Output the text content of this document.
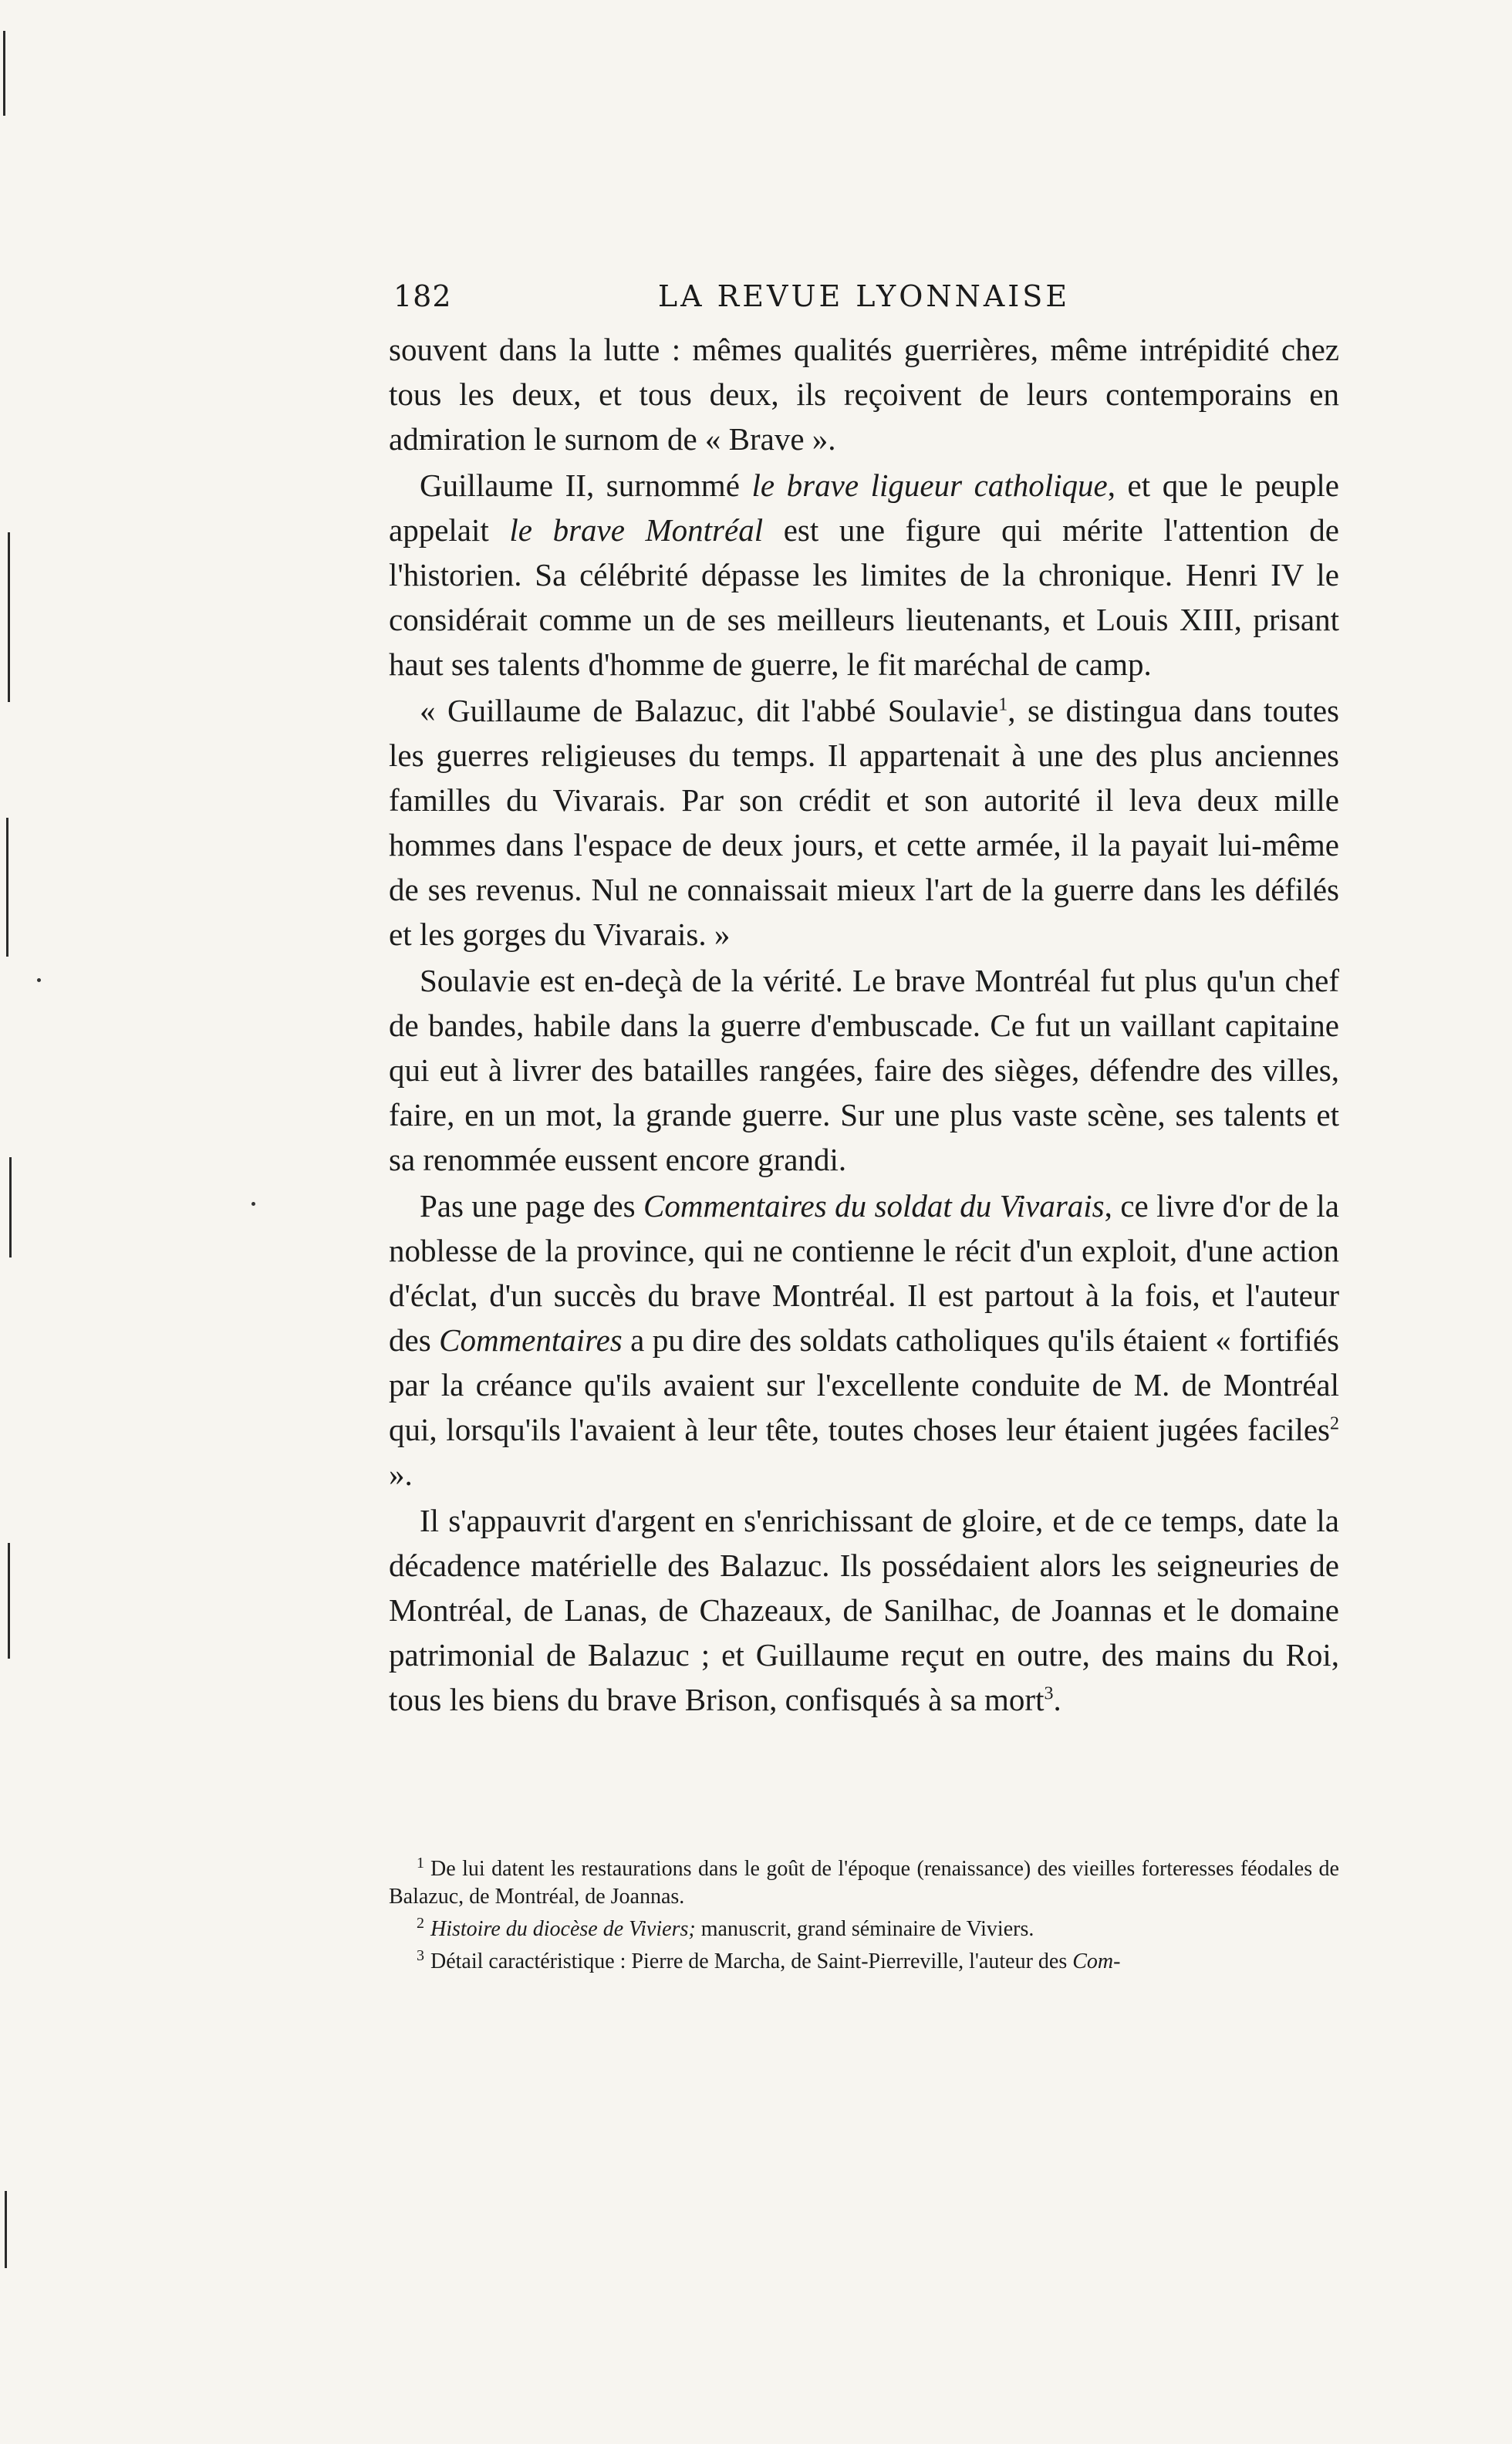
182	LA REVUE LYONNAISE

souvent dans la lutte : mêmes qualités guerrières, même intrépidité chez tous les deux, et tous deux, ils reçoivent de leurs contemporains en admiration le surnom de « Brave ».

Guillaume II, surnommé le brave ligueur catholique, et que le peuple appelait le brave Montréal est une figure qui mérite l'attention de l'historien. Sa célébrité dépasse les limites de la chronique. Henri IV le considérait comme un de ses meilleurs lieutenants, et Louis XIII, prisant haut ses talents d'homme de guerre, le fit maréchal de camp.

« Guillaume de Balazuc, dit l'abbé Soulavie$^1$, se distingua dans toutes les guerres religieuses du temps. Il appartenait à une des plus anciennes familles du Vivarais. Par son crédit et son autorité il leva deux mille hommes dans l'espace de deux jours, et cette armée, il la payait lui-même de ses revenus. Nul ne connaissait mieux l'art de la guerre dans les défilés et les gorges du Vivarais. »

Soulavie est en-deçà de la vérité. Le brave Montréal fut plus qu'un chef de bandes, habile dans la guerre d'embuscade. Ce fut un vaillant capitaine qui eut à livrer des batailles rangées, faire des sièges, défendre des villes, faire, en un mot, la grande guerre. Sur une plus vaste scène, ses talents et sa renommée eussent encore grandi.

Pas une page des Commentaires du soldat du Vivarais, ce livre d'or de la noblesse de la province, qui ne contienne le récit d'un exploit, d'une action d'éclat, d'un succès du brave Montréal. Il est partout à la fois, et l'auteur des Commentaires a pu dire des soldats catholiques qu'ils étaient « fortifiés par la créance qu'ils avaient sur l'excellente conduite de M. de Montréal qui, lorsqu'ils l'avaient à leur tête, toutes choses leur étaient jugées faciles$^2$ ».

Il s'appauvrit d'argent en s'enrichissant de gloire, et de ce temps, date la décadence matérielle des Balazuc. Ils possédaient alors les seigneuries de Montréal, de Lanas, de Chazeaux, de Sanilhac, de Joannas et le domaine patrimonial de Balazuc ; et Guillaume reçut en outre, des mains du Roi, tous les biens du brave Brison, confisqués à sa mort$^3$.

$^1$ De lui datent les restaurations dans le goût de l'époque (renaissance) des vieilles forteresses féodales de Balazuc, de Montréal, de Joannas.

$^2$ Histoire du diocèse de Viviers; manuscrit, grand séminaire de Viviers.

$^3$ Détail caractéristique : Pierre de Marcha, de Saint-Pierreville, l'auteur des Com-
